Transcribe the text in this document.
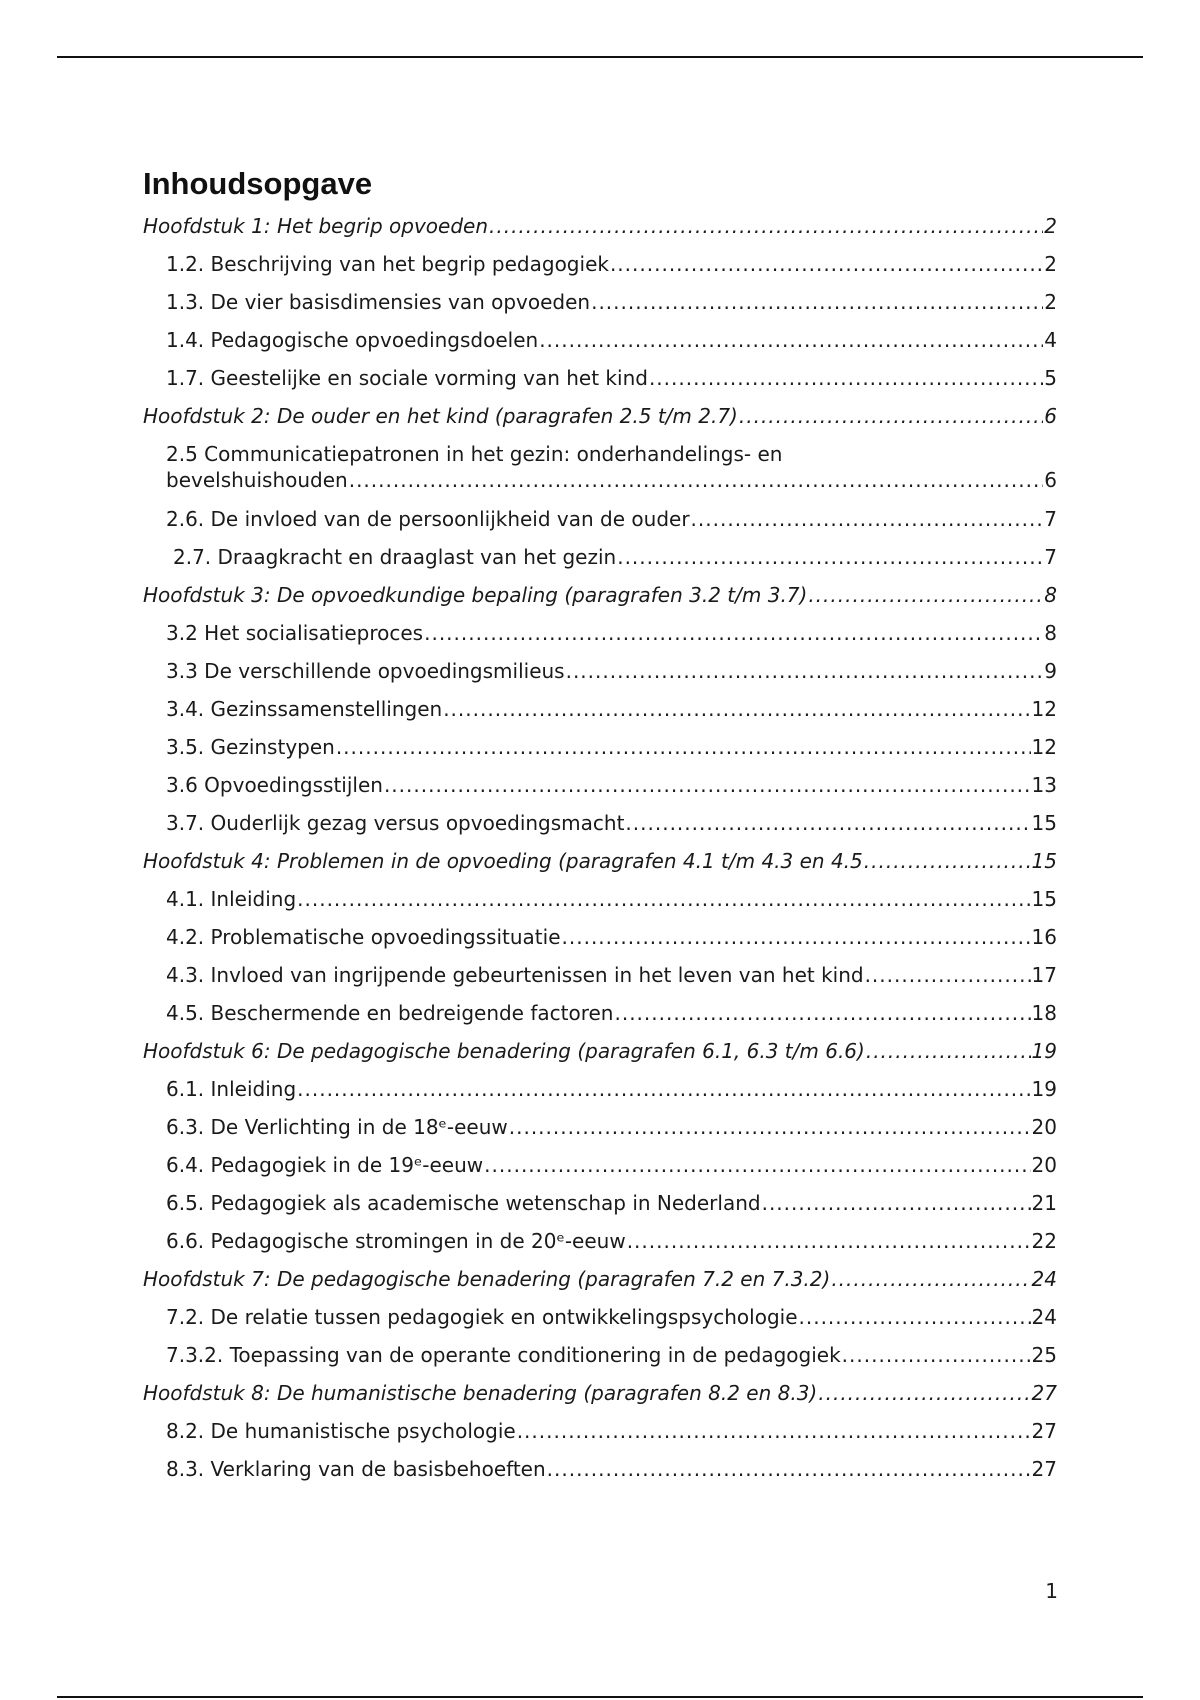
Inhoudsopgave
Hoofdstuk 1: Het begrip opvoeden .....	2
1.2. Beschrijving van het begrip pedagogiek .....	2
1.3. De vier basisdimensies van opvoeden .....	2
1.4. Pedagogische opvoedingsdoelen .....	4
1.7. Geestelijke en sociale vorming van het kind .....	5
Hoofdstuk 2: De ouder en het kind (paragrafen 2.5 t/m 2.7) .....	6
2.5 Communicatiepatronen in het gezin: onderhandelings- en
bevelshuishouden .....	6
2.6. De invloed van de persoonlijkheid van de ouder .....	7
2.7. Draagkracht en draaglast van het gezin .....	7
Hoofdstuk 3: De opvoedkundige bepaling (paragrafen 3.2 t/m 3.7) .....	8
3.2 Het socialisatieproces .....	8
3.3 De verschillende opvoedingsmilieus .....	9
3.4. Gezinssamenstellingen .....	12
3.5. Gezinstypen .....	12
3.6 Opvoedingsstijlen .....	13
3.7. Ouderlijk gezag versus opvoedingsmacht .....	15
Hoofdstuk 4: Problemen in de opvoeding (paragrafen 4.1 t/m 4.3 en 4.5 .....	15
4.1. Inleiding .....	15
4.2. Problematische opvoedingssituatie .....	16
4.3. Invloed van ingrijpende gebeurtenissen in het leven van het kind .....	17
4.5. Beschermende en bedreigende factoren .....	18
Hoofdstuk 6: De pedagogische benadering (paragrafen 6.1, 6.3 t/m 6.6) .....	19
6.1. Inleiding .....	19
6.3. De Verlichting in de 18ᵉ-eeuw .....	20
6.4. Pedagogiek in de 19ᵉ-eeuw .....	20
6.5. Pedagogiek als academische wetenschap in Nederland .....	21
6.6. Pedagogische stromingen in de 20ᵉ-eeuw .....	22
Hoofdstuk 7: De pedagogische benadering (paragrafen 7.2 en 7.3.2) .....	24
7.2. De relatie tussen pedagogiek en ontwikkelingspsychologie .....	24
7.3.2. Toepassing van de operante conditionering in de pedagogiek .....	25
Hoofdstuk 8: De humanistische benadering (paragrafen 8.2 en 8.3) .....	27
8.2. De humanistische psychologie .....	27
8.3. Verklaring van de basisbehoeften .....	27
1
